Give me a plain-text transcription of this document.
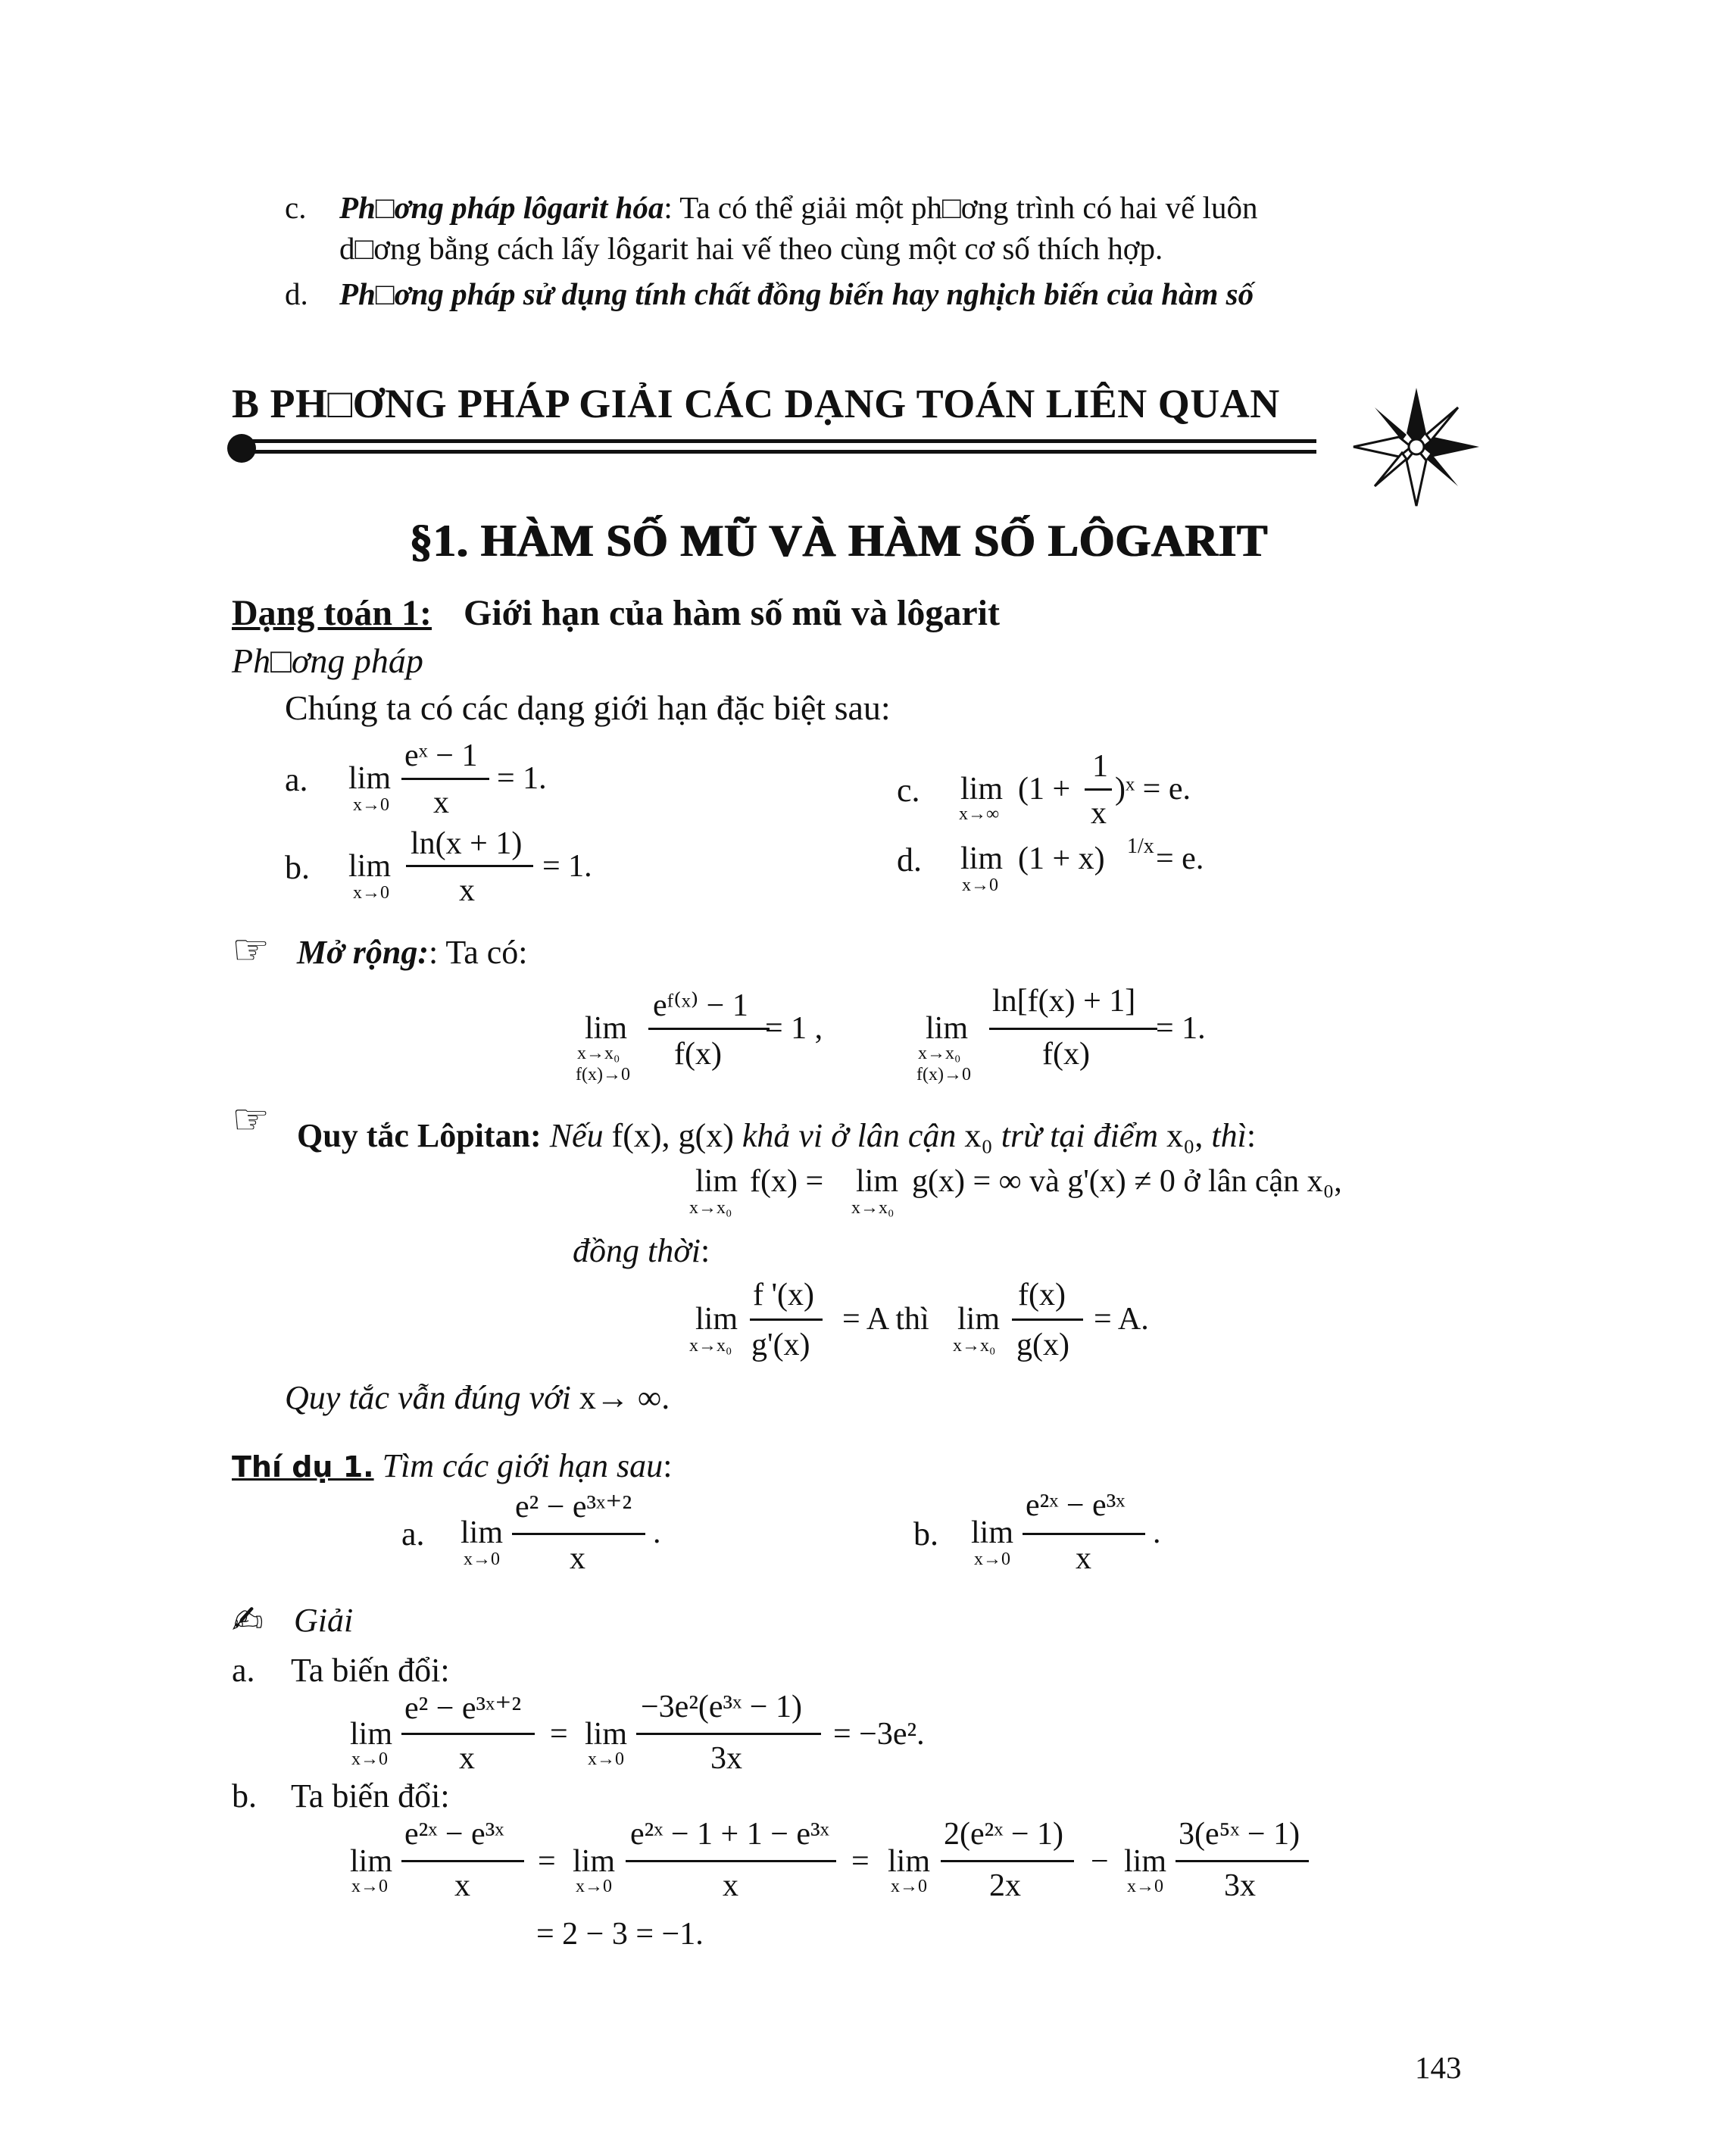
c. Ph□ơng pháp lôgarit hóa: Ta có thể giải một ph□ơng trình có hai vế luôn
d□ơng bằng cách lấy lôgarit hai vế theo cùng một cơ số thích hợp.
d. Ph□ơng pháp sử dụng tính chất đồng biến hay nghịch biến của hàm số
B PH□ƠNG PHÁP GIẢI CÁC DẠNG TOÁN LIÊN QUAN
§1. HÀM SỐ MŨ VÀ HÀM SỐ LÔGARIT
Dạng toán 1: Giới hạn của hàm số mũ và lôgarit
Ph□ơng pháp
Chúng ta có các dạng giới hạn đặc biệt sau:
a. lim
x→0
eˣ − 1
x
= 1.
b. lim
x→0
ln(x + 1)
x
= 1.
c. lim
x→∞
(1 +
1
x
)ˣ = e.
d. lim
x→0
(1 + x) 1/x = e.
☞ Mở rộng:: Ta có:
lim
x→x₀
f(x)→0
eᶠ⁽ˣ⁾ − 1
f(x)
= 1 ,	lim
x→x₀
f(x)→0
ln[f(x) + 1]
f(x)
= 1.
☞ Quy tắc Lôpitan: Nếu f(x), g(x) khả vi ở lân cận x₀ trừ tại điểm x₀, thì:
lim
x→x₀
f(x) = lim
x→x₀
g(x) = ∞ và g'(x) ≠ 0 ở lân cận x₀,
đồng thời:
lim
x→x₀
f '(x)
g'(x)
= A thì lim
x→x₀
f(x)
g(x)
= A.
Quy tắc vẫn đúng với x→ ∞.
Thí dụ 1. Tìm các giới hạn sau:
a. lim
x→0
e² − e³ˣ⁺²
x
.	b. lim
x→0
e²ˣ − e³ˣ
x
.
✍ Giải
a. Ta biến đổi:
lim
x→0
e² − e³ˣ⁺²
x
= lim
x→0
−3e²(e³ˣ − 1)
3x
= −3e².
b. Ta biến đổi:
lim
x→0
e²ˣ − e³ˣ
x
= lim
x→0
e²ˣ − 1 + 1 − e³ˣ
x
= lim
x→0
2(e²ˣ − 1)
2x
− lim
x→0
3(e⁵ˣ − 1)
3x
= 2 − 3 = −1.
143
